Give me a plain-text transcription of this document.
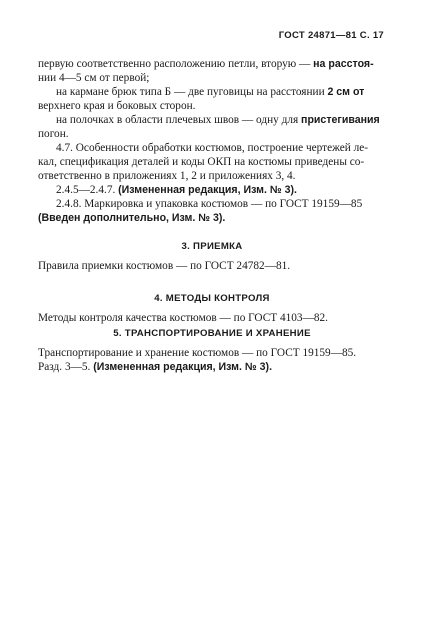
ГОСТ 24871—81 С. 17
первую соответственно расположению петли, вторую — на расстоя-
нии 4—5 см от первой;
на кармане брюк типа Б — две пуговицы на расстоянии 2 см от
верхнего края и боковых сторон.
на полочках в области плечевых швов — одну для пристегивания
погон.
4.7. Особенности обработки костюмов, построение чертежей ле-
кал, спецификация деталей и коды ОКП на костюмы приведены со-
ответственно в приложениях 1, 2 и приложениях 3, 4.
2.4.5—2.4.7. (Измененная редакция, Изм. № 3).
2.4.8. Маркировка и упаковка костюмов — по ГОСТ 19159—85
(Введен дополнительно, Изм. № 3).
3. ПРИЕМКА
Правила приемки костюмов — по ГОСТ 24782—81.
4. МЕТОДЫ КОНТРОЛЯ
Методы контроля качества костюмов — по ГОСТ 4103—82.
5. ТРАНСПОРТИРОВАНИЕ И ХРАНЕНИЕ
Транспортирование и хранение костюмов — по ГОСТ 19159—85.
Разд. 3—5. (Измененная редакция, Изм. № 3).
